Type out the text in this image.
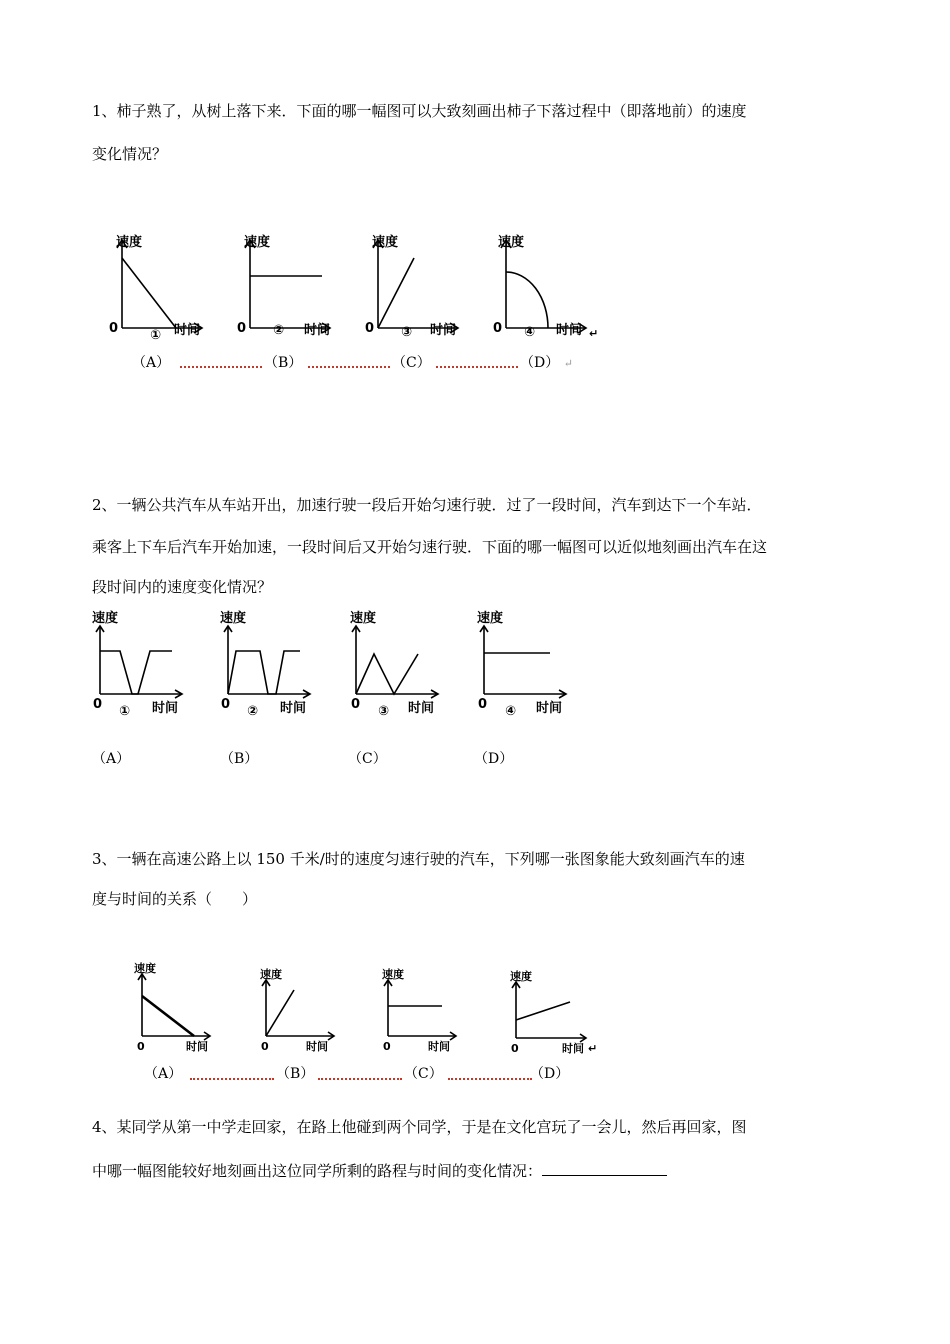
1、柿子熟了，从树上落下来．下面的哪一幅图可以大致刻画出柿子下落过程中（即落地前）的速度
变化情况？
速度
0 ① 时间
速度
0 ② 时间
速度
0 ③ 时间
速度
0 ④ 时间 ↵
（A）	（B）	（C）	（D） ↵
2、一辆公共汽车从车站开出，加速行驶一段后开始匀速行驶．过了一段时间，汽车到达下一个车站．
乘客上下车后汽车开始加速，一段时间后又开始匀速行驶．下面的哪一幅图可以近似地刻画出汽车在这
段时间内的速度变化情况？
速度
0 ① 时间
速度
0 ② 时间
速度
0 ③ 时间
速度
0 ④ 时间
（A）	（B）	（C）	（D）
3、一辆在高速公路上以 150 千米/时的速度匀速行驶的汽车，下列哪一张图象能大致刻画汽车的速
度与时间的关系（　　）
速度
0	时间
速度
0	时间
速度
0	时间
速度
0	时间 ↵
（A）	（B）	（C）	（D）
4、某同学从第一中学走回家，在路上他碰到两个同学，于是在文化宫玩了一会儿，然后再回家，图
中哪一幅图能较好地刻画出这位同学所剩的路程与时间的变化情况：
